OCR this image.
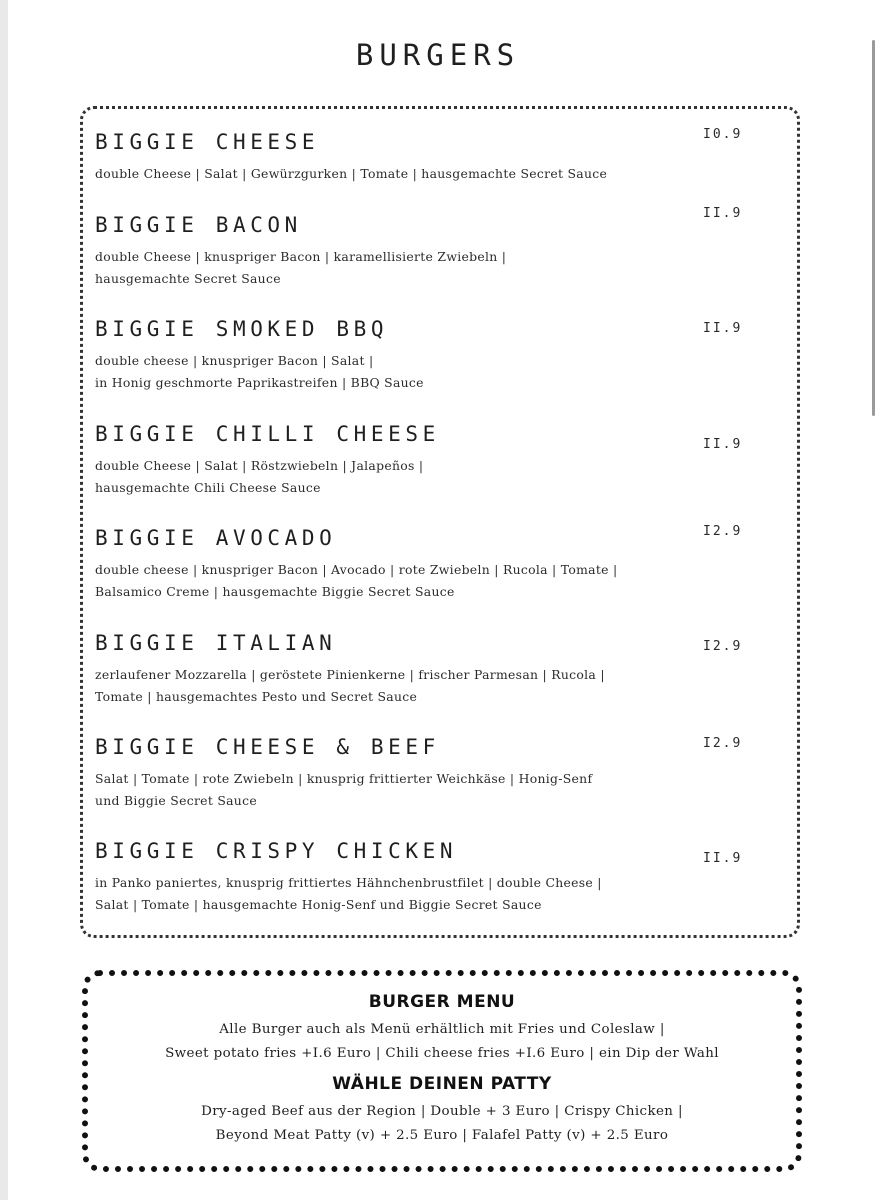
BURGERS
BIGGIE CHEESE
double Cheese | Salat | Gewürzgurken | Tomate | hausgemachte Secret Sauce
I0.9
BIGGIE BACON
double Cheese | knuspriger Bacon | karamellisierte Zwiebeln |
hausgemachte Secret Sauce
II.9
BIGGIE SMOKED BBQ
double cheese | knuspriger Bacon | Salat |
in Honig geschmorte Paprikastreifen | BBQ Sauce
II.9
BIGGIE CHILLI CHEESE
double Cheese | Salat | Röstzwiebeln | Jalapeños |
hausgemachte Chili Cheese Sauce
II.9
BIGGIE AVOCADO
double cheese | knuspriger Bacon | Avocado | rote Zwiebeln | Rucola | Tomate |
Balsamico Creme | hausgemachte Biggie Secret Sauce
I2.9
BIGGIE ITALIAN
zerlaufener Mozzarella | geröstete Pinienkerne | frischer Parmesan | Rucola |
Tomate | hausgemachtes Pesto und Secret Sauce
I2.9
BIGGIE CHEESE & BEEF
Salat | Tomate | rote Zwiebeln | knusprig frittierter Weichkäse | Honig-Senf
und Biggie Secret Sauce
I2.9
BIGGIE CRISPY CHICKEN
in Panko paniertes, knusprig frittiertes Hähnchenbrustfilet | double Cheese |
Salat | Tomate | hausgemachte Honig-Senf und Biggie Secret Sauce
II.9
BURGER MENU
Alle Burger auch als Menü erhältlich mit Fries und Coleslaw |
Sweet potato fries +I.6 Euro | Chili cheese fries +I.6 Euro | ein Dip der Wahl
WÄHLE DEINEN PATTY
Dry-aged Beef aus der Region | Double + 3 Euro | Crispy Chicken |
Beyond Meat Patty (v) + 2.5 Euro | Falafel Patty (v) + 2.5 Euro
